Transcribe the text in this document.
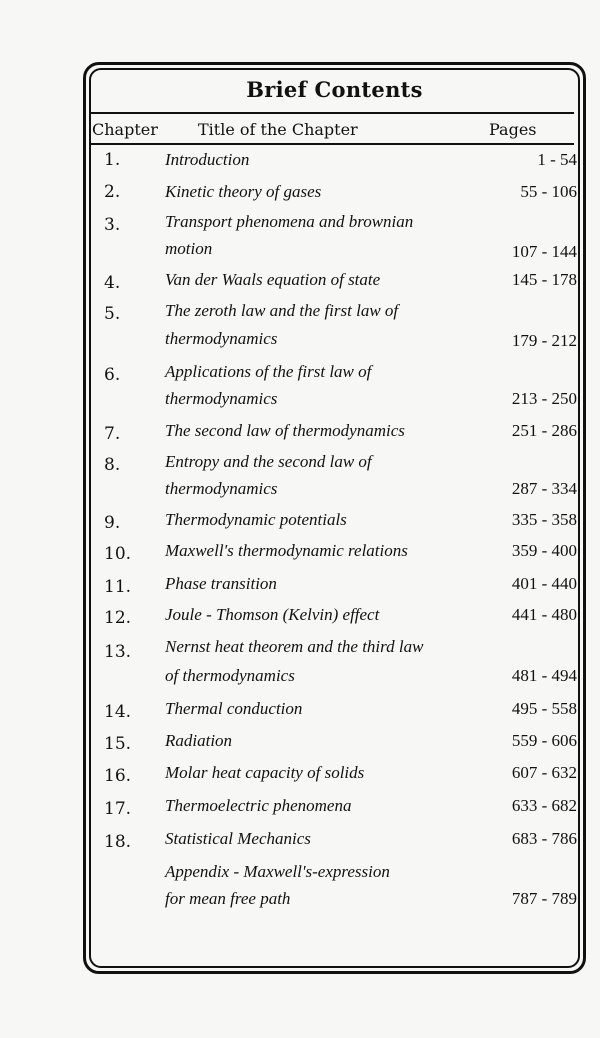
Brief Contents
Chapter	Title of the Chapter	Pages
1.	Introduction	1 - 54
2.	Kinetic theory of gases	55 - 106
3.	Transport phenomena and brownian
motion	107 - 144
4.	Van der Waals equation of state	145 - 178
5.	The zeroth law and the first law of
thermodynamics	179 - 212
6.	Applications of the first law of
thermodynamics	213 - 250
7.	The second law of thermodynamics	251 - 286
8.	Entropy and the second law of
thermodynamics	287 - 334
9.	Thermodynamic potentials	335 - 358
10. Maxwell's thermodynamic relations	359 - 400
11. Phase transition	401 - 440
12. Joule - Thomson (Kelvin) effect	441 - 480
13. Nernst heat theorem and the third law
of thermodynamics	481 - 494
14. Thermal conduction	495 - 558
15. Radiation	559 - 606
16. Molar heat capacity of solids	607 - 632
17. Thermoelectric phenomena	633 - 682
18. Statistical Mechanics	683 - 786
Appendix - Maxwell's-expression
for mean free path	787 - 789
